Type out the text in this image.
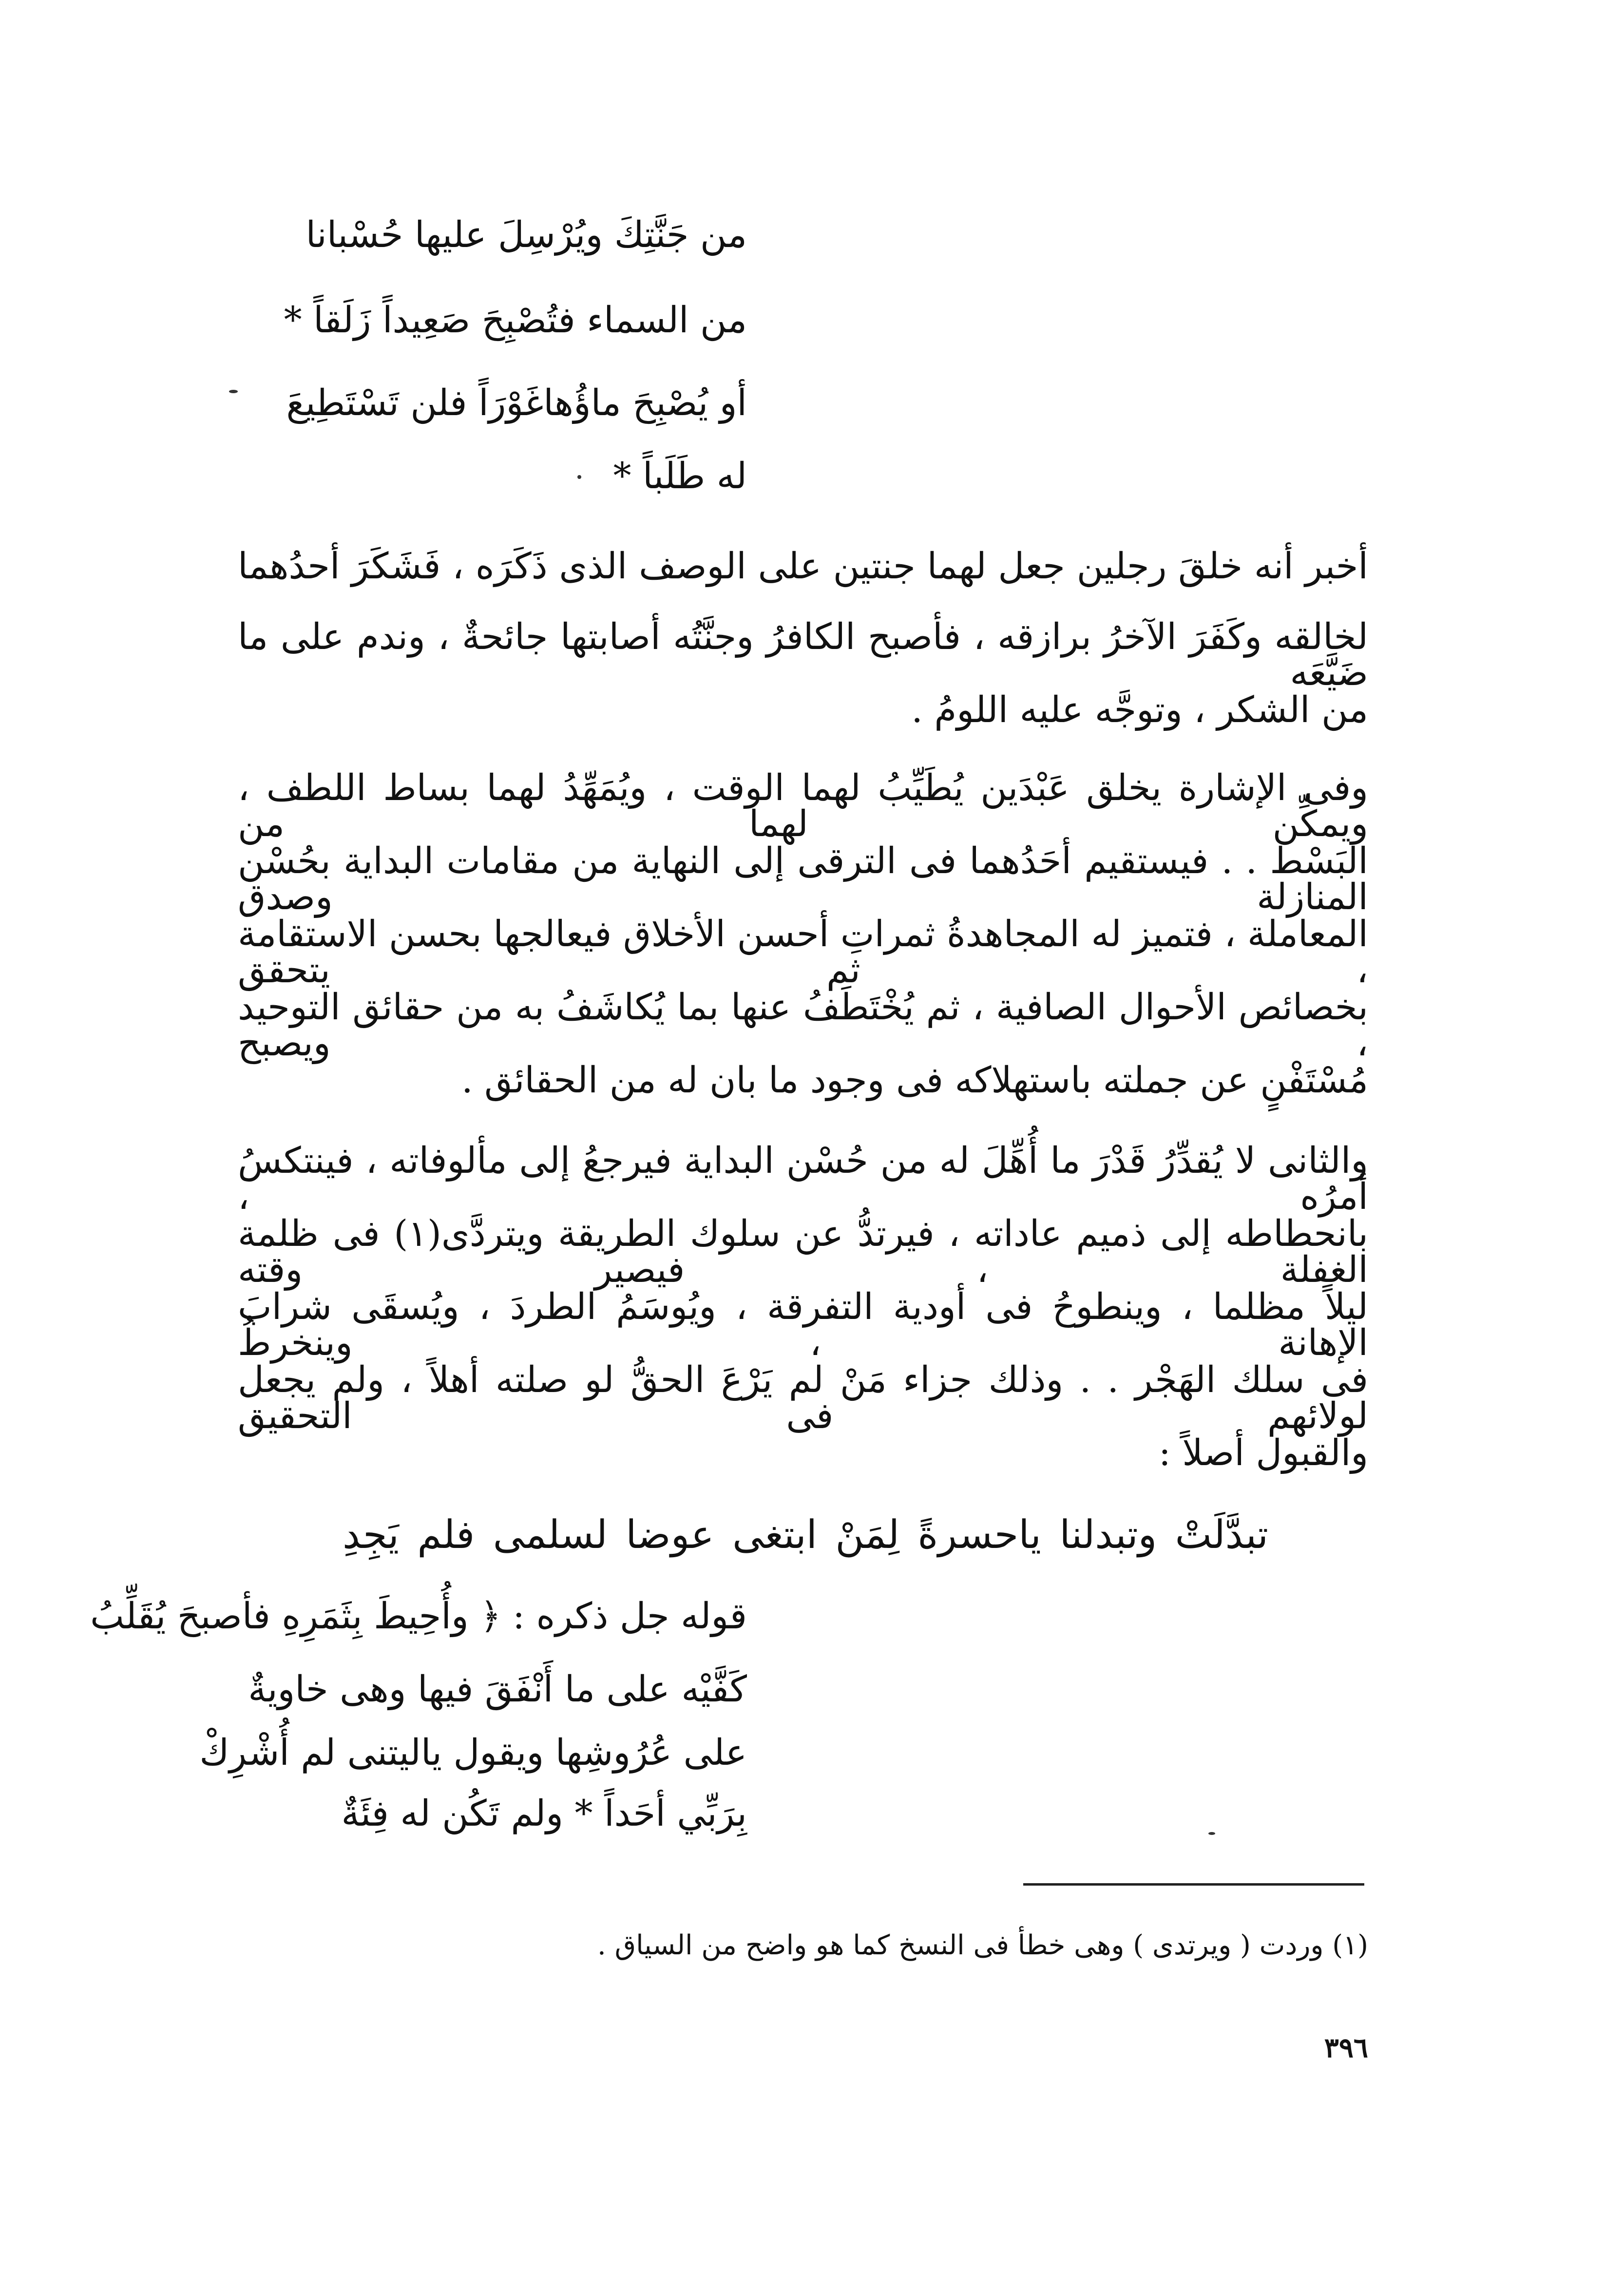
من جَنَّتِكَ ويُرْسِلَ عليها حُسْبانا
من السماء فتُصْبِحَ صَعِيداً زَلَقاً *
أو يُصْبِحَ ماؤُهاغَوْرَاً فلن تَسْتَطِيعَ
له طَلَباً *
أخبر أنه خلقَ رجلين جعل لهما جنتين على الوصف الذى ذَكَرَه ، فَشَكَرَ أحدُهما
لخالقه وكَفَرَ الآخرُ برازقه ، فأصبح الكافرُ وجنَّتُه أصابتها جائحةٌ ، وندم على ما ضَيَّعَه
من الشكر ، وتوجَّه عليه اللومُ .
وفى الإشارة يخلق عَبْدَين يُطَيِّبُ لهما الوقت ، ويُمَهِّدُ لهما بساط اللطف ، ويمكِّن لهما من
البَسْط . . فيستقيم أحَدُهما فى الترقى إلى النهاية من مقامات البداية بحُسْن المنازلة وصدق
المعاملة ، فتميز له المجاهدةُ ثمراتِ أحسن الأخلاق فيعالجها بحسن الاستقامة ، ثم يتحقق
بخصائص الأحوال الصافية ، ثم يُخْتَطَفُ عنها بما يُكاشَفُ به من حقائق التوحيد ، ويصبح
مُسْتَفْنٍ عن جملته باستهلاكه فى وجود ما بان له من الحقائق .
والثانى لا يُقدِّرُ قَدْرَ ما أُهِّلَ له من حُسْن البداية فيرجعُ إلى مألوفاته ، فينتكسُ أمرُه ،
بانحطاطه إلى ذميم عاداته ، فيرتدُّ عن سلوك الطريقة ويتردَّى(١) فى ظلمة الغفلة ، فيصير وقته
ليلاً مظلما ، وينطوحُ فى أودية التفرقة ، ويُوسَمُ الطردَ ، ويُسقَى شرابَ الإهانة ، وينخرطُ
فى سلك الهَجْر . . وذلك جزاء مَنْ لم يَرْعَ الحقُّ لو صلته أهلاً ، ولم يجعل لولائهم فى التحقيق
والقبول أصلاً :
تبدَّلَتْ وتبدلنا ياحسرةً لِمَنْ ابتغى عوضا لسلمى فلم يَجِدِ
قوله جل ذكره : ﴿ وأُحِيطَ بِثَمَرِهِ فأصبحَ يُقَلِّبُ
كَفَّيْه على ما أَنْفَقَ فيها وهى خاويةٌ
على عُرُوشِها ويقول ياليتنى لم أُشْرِكْ
بِرَبِّي أحَداً * ولم تَكُن له فِئَةٌ
(١) وردت ( ويرتدى ) وهى خطأ فى النسخ كما هو واضح من السياق .
٣٩٦
